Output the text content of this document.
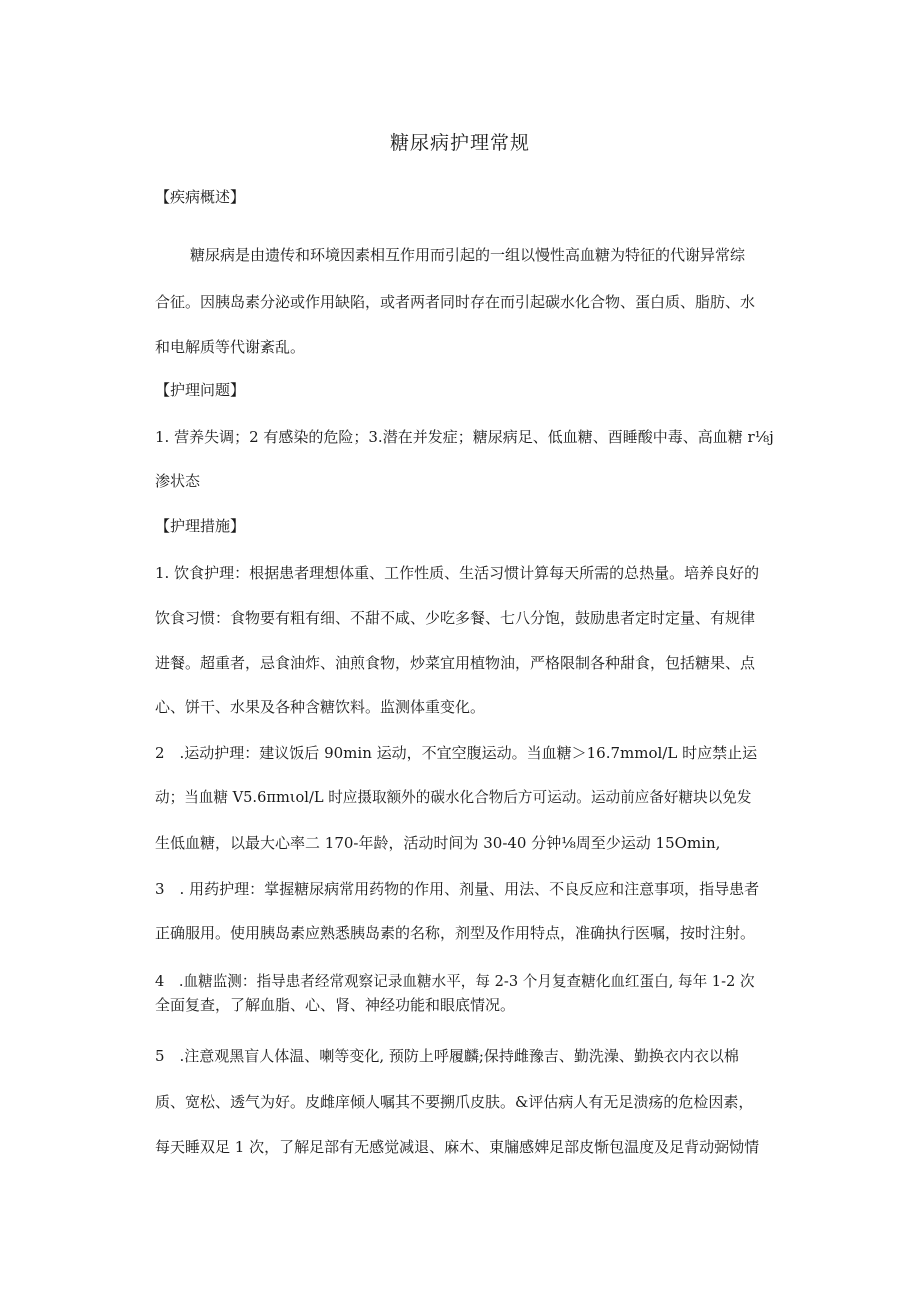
糖尿病护理常规
【疾病概述】
糖尿病是由遗传和环境因素相互作用而引起的一组以慢性高血糖为特征的代谢异常综
合征。因胰岛素分泌或作用缺陷，或者两者同时存在而引起碳水化合物、蛋白质、脂肪、水
和电解质等代谢紊乱。
【护理问题】
1. 营养失调；2 有感染的危险；3.潜在并发症；糖尿病足、低血糖、酉睡酸中毒、高血糖 r⅛j
渗状态
【护理措施】
1. 饮食护理：根据患者理想体重、工作性质、生活习惯计算每天所需的总热量。培养良好的
饮食习惯：食物要有粗有细、不甜不咸、少吃多餐、七八分饱，鼓励患者定时定量、有规律
进餐。超重者，忌食油炸、油煎食物，炒菜宜用植物油，严格限制各种甜食，包括糖果、点
心、饼干、水果及各种含糖饮料。监测体重变化。
2　.运动护理：建议饭后 90min 运动，不宜空腹运动。当血糖＞16.7mmol∕L 时应禁止运
动；当血糖 V5.6πmιol∕L 时应摄取额外的碳水化合物后方可运动。运动前应备好糖块以免发
生低血糖，以最大心率二 170-年龄，活动时间为 30-40 分钟⅛周至少运动 15Omin,
3　. 用药护理：掌握糖尿病常用药物的作用、剂量、用法、不良反应和注意事项，指导患者
正确服用。使用胰岛素应熟悉胰岛素的名称，剂型及作用特点，准确执行医嘱，按时注射。
4　.血糖监测：指导患者经常观察记录血糖水平，每 2-3 个月复查糖化血红蛋白, 每年 1-2 次
全面复查，了解血脂、心、肾、神经功能和眼底情况。
5　.注意观黑盲人体温、喇等变化, 预防上呼履麟;保持雌豫吉、勤洗澡、勤换衣内衣以棉
质、宽松、透气为好。皮雌庠倾人嘱其不要搠爪皮肤。&评估病人有无足溃疡的危检因素，
每天睡双足 1 次，了解足部有无感觉减退、麻木、東牖感婢足部皮惭包温度及足背动弼恸情
